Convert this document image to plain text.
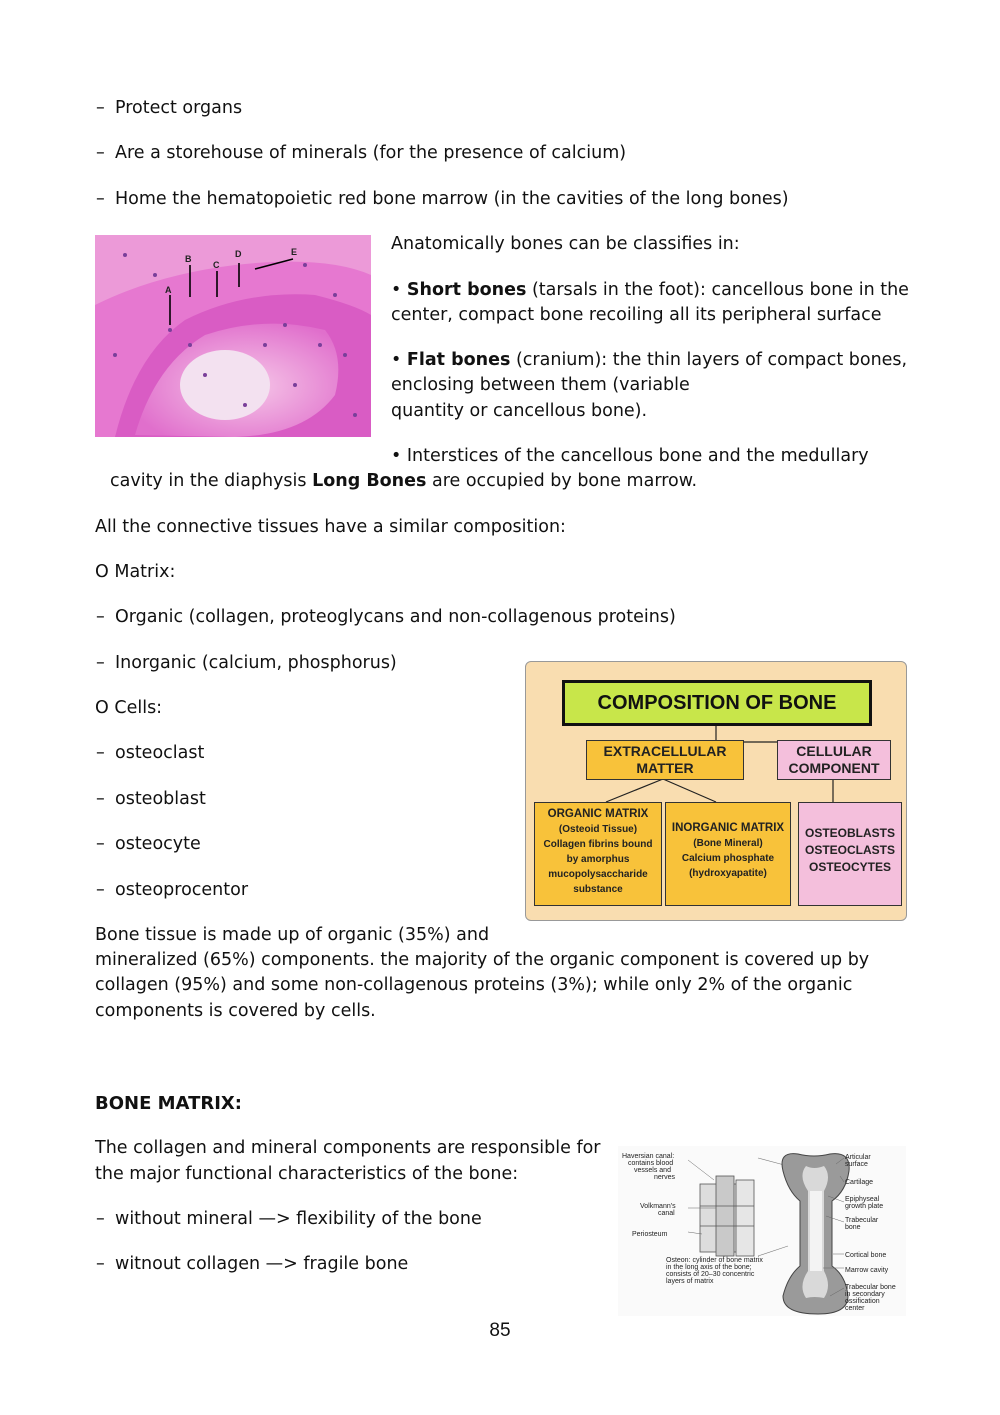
– Protect organs
– Are a storehouse of minerals (for the presence of calcium)
– Home the hematopoietic red bone marrow (in the cavities of the long bones)
A
B
C
D	E	Anatomically bones can be classifies in:
• Short bones (tarsals in the foot): cancellous bone in the
center, compact bone recoiling all its peripheral surface
• Flat bones (cranium): the thin layers of compact bones,
enclosing between them (variable
quantity or cancellous bone).
• Interstices of the cancellous bone and the medullary
cavity in the diaphysis Long Bones are occupied by bone marrow.
All the connective tissues have a similar composition:
O Matrix:
– Organic (collagen, proteoglycans and non-collagenous proteins)
– Inorganic (calcium, phosphorus)
O Cells:
– osteoclast
– osteoblast
– osteocyte
– osteoprocentor
COMPOSITION OF BONE
EXTRACELLULAR
MATTER
CELLULAR
COMPONENT
ORGANIC MATRIX
(Osteoid Tissue)
Collagen fibrins bound
by amorphus
mucopolysaccharide
substance
INORGANIC MATRIX
(Bone Mineral)
Calcium phosphate
(hydroxyapatite)
OSTEOBLASTS
OSTEOCLASTS
OSTEOCYTES
Bone tissue is made up of organic (35%) and
mineralized (65%) components. the majority of the organic component is covered up by
collagen (95%) and some non-collagenous proteins (3%); while only 2% of the organic
components is covered by cells.
BONE MATRIX:
The collagen and mineral components are responsible for
the major functional characteristics of the bone:
– without mineral —> flexibility of the bone
– witnout collagen —> fragile bone
Haversian canal:
contains blood
vessels and
nerves
Volkmann's
canal
Periosteum
Osteon: cylinder of bone matrix
in the long axis of the bone;
consists of 20–30 concentric
layers of matrix
Articular
surface
Cartilage
Epiphyseal
growth plate
Trabecular
bone
Cortical bone
Marrow cavity
Trabecular bone
in secondary
ossification
center
85
